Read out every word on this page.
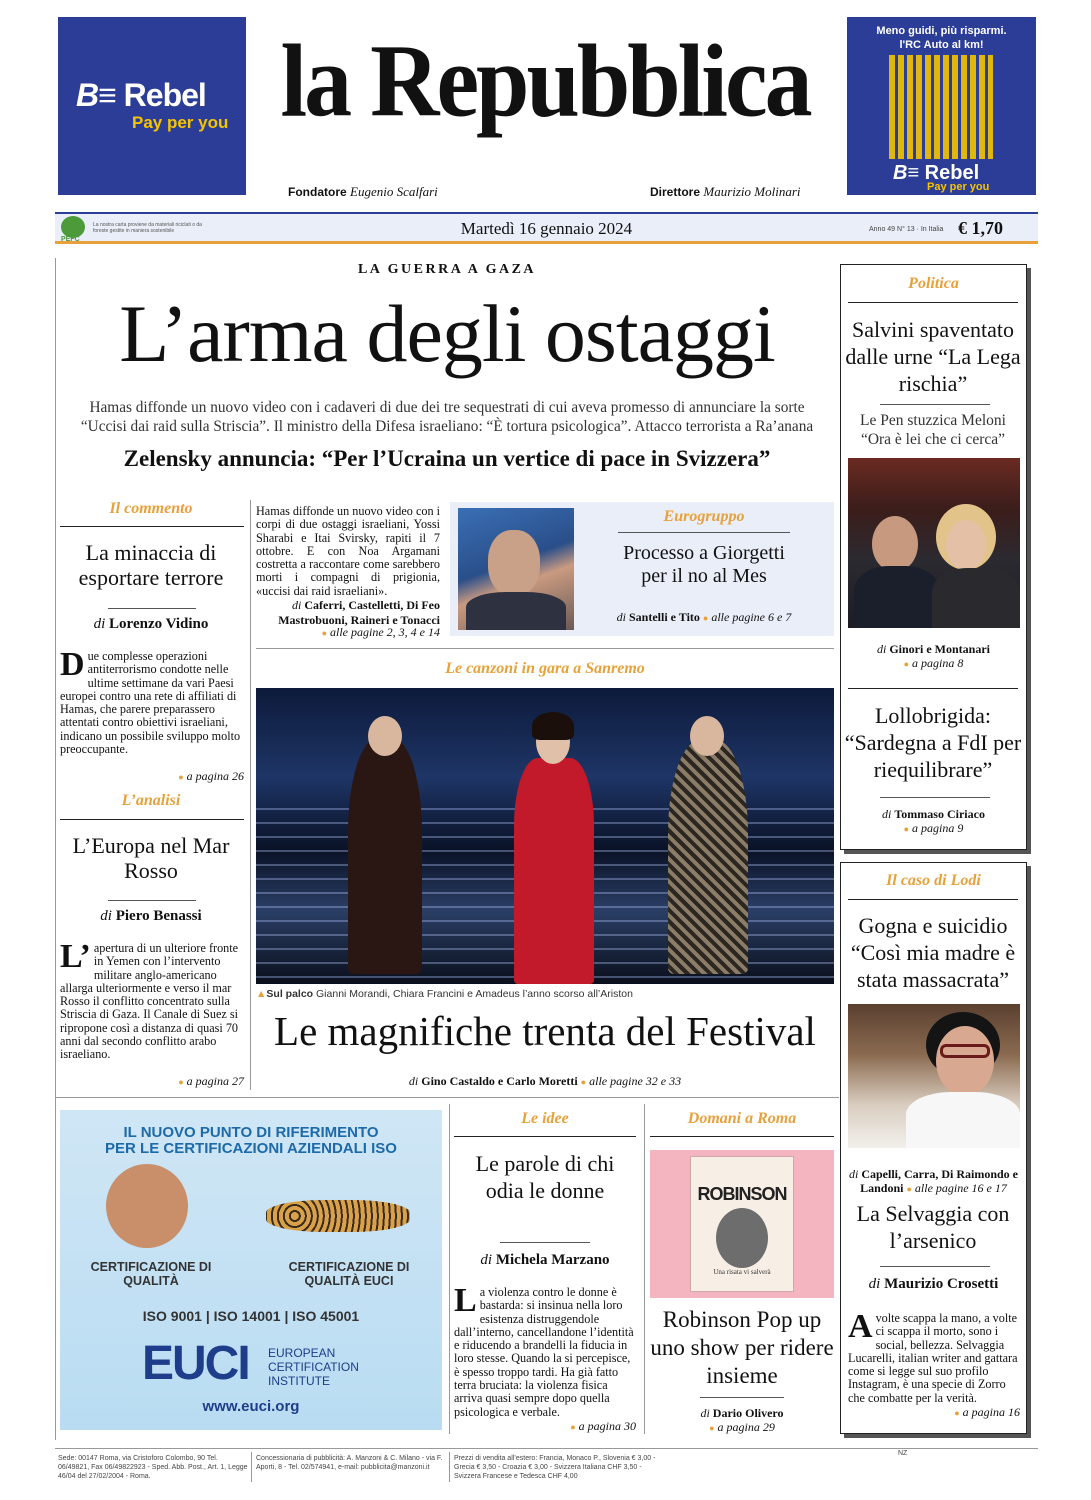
B≡ Rebel
Pay per you la Repubblica
Fondatore Eugenio Scalfari	Direttore Maurizio Molinari
Meno guidi, più risparmi.
l'RC Auto al km!
B≡ Rebel
Pay per you
PEFC
La nostra carta proviene da materiali riciclati o da foreste gestite in maniera sostenibile	Martedì 16 gennaio 2024	Anno 49 N° 13 · In Italia € 1,70
LA GUERRA A GAZA
L’arma degli ostaggi
Hamas diffonde un nuovo video con i cadaveri di due dei tre sequestrati di cui aveva promesso di annunciare la sorte
“Uccisi dai raid sulla Striscia”. Il ministro della Difesa israeliano: “È tortura psicologica”. Attacco terrorista a Ra’anana
Zelensky annuncia: “Per l’Ucraina un vertice di pace in Svizzera”
Il commento
La minaccia di esportare terrore
di Lorenzo Vidino
Due complesse operazioni antiterrorismo condotte nelle ultime settimane da vari Paesi europei contro una rete di affiliati di Hamas, che parere preparassero attentati contro obiettivi israeliani, indicano un possibile sviluppo molto preoccupante.
● a pagina 26
L’analisi
L’Europa nel Mar Rosso
di Piero Benassi
L’ apertura di un ulteriore fronte in Yemen con l’intervento militare anglo-americano allarga ulteriormente e verso il mar Rosso il conflitto concentrato sulla Striscia di Gaza. Il Canale di Suez si ripropone così a distanza di quasi 70 anni dal secondo conflitto arabo israeliano.
● a pagina 27
Hamas diffonde un nuovo video con i corpi di due ostaggi israeliani, Yossi Sharabi e Itai Svirsky, rapiti il 7 ottobre. E con Noa Argamani costretta a raccontare come sarebbero morti i compagni di prigionia, «uccisi dai raid israeliani».
di Caferri, Castelletti, Di Feo Mastrobuoni, Raineri e Tonacci
● alle pagine 2, 3, 4 e 14
Eurogruppo
Processo a Giorgetti per il no al Mes
di Santelli e Tito ● alle pagine 6 e 7
Le canzoni in gara a Sanremo
▲Sul palco Gianni Morandi, Chiara Francini e Amadeus l’anno scorso all’Ariston
Le magnifiche trenta del Festival
di Gino Castaldo e Carlo Moretti ● alle pagine 32 e 33
Politica
Salvini spaventato dalle urne “La Lega rischia”
Le Pen stuzzica Meloni “Ora è lei che ci cerca”
di Ginori e Montanari
● a pagina 8
Lollobrigida: “Sardegna a FdI per riequilibrare”
di Tommaso Ciriaco
● a pagina 9
Il caso di Lodi
Gogna e suicidio “Così mia madre è stata massacrata”
di Capelli, Carra, Di Raimondo e Landoni ● alle pagine 16 e 17
La Selvaggia con l’arsenico
di Maurizio Crosetti
Avolte scappa la mano, a volte ci scappa il morto, sono i social, bellezza. Selvaggia Lucarelli, italian writer and gattara come si legge sul suo profilo Instagram, è una specie di Zorro che combatte per la verità.
● a pagina 16
IL NUOVO PUNTO DI RIFERIMENTO
PER LE CERTIFICAZIONI AZIENDALI ISO
CERTIFICAZIONE DI QUALITÀ
CERTIFICAZIONE DI QUALITÀ EUCI
ISO 9001 | ISO 14001 | ISO 45001
EUCI EUROPEAN
CERTIFICATION
INSTITUTE
www.euci.org
Le idee
Le parole di chi odia le donne
di Michela Marzano
La violenza contro le donne è bastarda: si insinua nella loro esistenza distruggendole dall’interno, cancellandone l’identità e riducendo a brandelli la fiducia in loro stesse. Quando la si percepisce, è spesso troppo tardi. Ha già fatto terra bruciata: la violenza fisica arriva quasi sempre dopo quella psicologica e verbale.
● a pagina 30
Domani a Roma
ROBINSON
Una risata vi salverà
Robinson Pop up uno show per ridere insieme
di Dario Olivero
● a pagina 29
Sede: 00147 Roma, via Cristoforo Colombo, 90 Tel. 06/49821, Fax 06/49822923 - Sped. Abb. Post., Art. 1, Legge 46/04 del 27/02/2004 - Roma.
Concessionaria di pubblicità: A. Manzoni & C. Milano - via F. Aporti, 8 - Tel. 02/574941, e-mail: pubblicita@manzoni.it
Prezzi di vendita all’estero: Francia, Monaco P., Slovenia € 3,00 - Grecia € 3,50 - Croazia € 3,00 - Svizzera Italiana CHF 3,50 - Svizzera Francese e Tedesca CHF 4,00
NZ
